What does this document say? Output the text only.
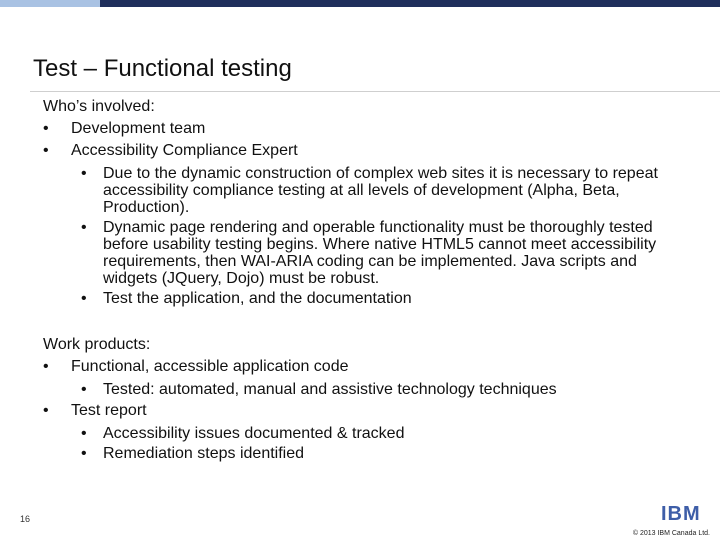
Test – Functional testing
Who’s involved:
• Development team
• Accessibility Compliance Expert
• Due to the dynamic construction of complex web sites it is necessary to repeat accessibility compliance testing at all levels of development (Alpha, Beta, Production).
• Dynamic page rendering and operable functionality must be thoroughly tested before usability testing begins. Where native HTML5 cannot meet accessibility requirements, then WAI-ARIA coding can be implemented. Java scripts and widgets (JQuery, Dojo) must be robust.
• Test the application, and the documentation
Work products:
• Functional, accessible application code
• Tested: automated, manual and assistive technology techniques
• Test report
• Accessibility issues documented & tracked
• Remediation steps identified
16	IBM
© 2013 IBM Canada Ltd.
